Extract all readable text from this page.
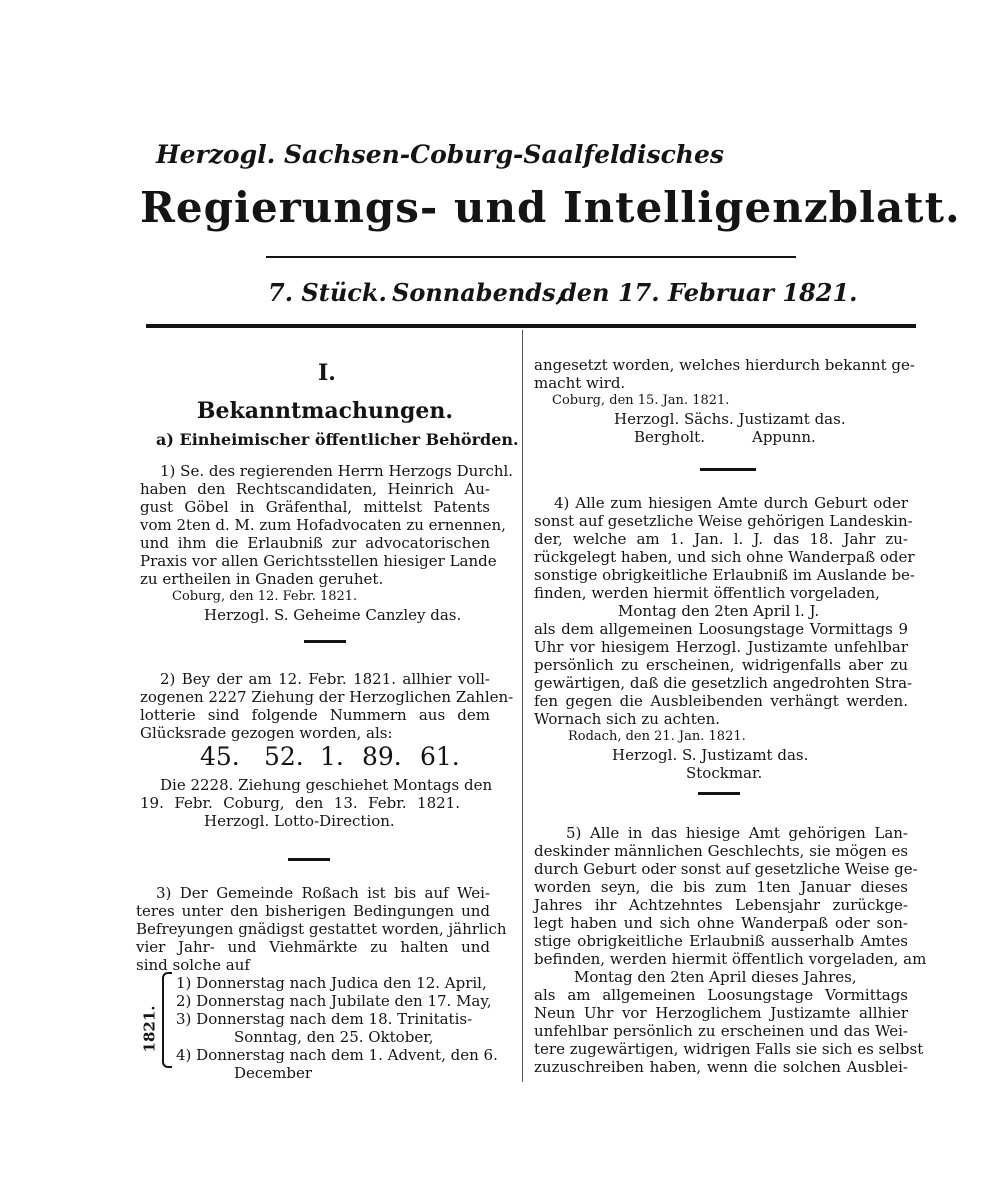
Herzogl. Sachsen-Coburg-Saalfeldisches
Regierungs- und Intelligenzblatt.
7. Stück. Sonnabends,
den 17. Februar 1821.
I.
Bekanntmachungen.
a) Einheimischer öffentlicher Behörden.
1) Se. des regierenden Herrn Herzogs Durchl.
haben den Rechtscandidaten, Heinrich Au-
gust Göbel in Gräfenthal, mittelst Patents
vom 2ten d. M. zum Hofadvocaten zu ernennen,
und ihm die Erlaubniß zur advocatorischen
Praxis vor allen Gerichtsstellen hiesiger Lande
zu ertheilen in Gnaden geruhet.
Coburg, den 12. Febr. 1821.
Herzogl. S. Geheime Canzley das.
2) Bey der am 12. Febr. 1821. allhier voll-
zogenen 2227 Ziehung der Herzoglichen Zahlen-
lotterie sind folgende Nummern aus dem
Glücksrade gezogen worden, als:
45. 52. 1. 89. 61.
Die 2228. Ziehung geschiehet Montags den
19. Febr. Coburg, den 13. Febr. 1821.
Herzogl. Lotto-Direction.
3) Der Gemeinde Roßach ist bis auf Wei-
teres unter den bisherigen Bedingungen und
Befreyungen gnädigst gestattet worden, jährlich
vier Jahr- und Viehmärkte zu halten und
sind solche auf
1821.
1) Donnerstag nach Judica den 12. April,
2) Donnerstag nach Jubilate den 17. May,
3) Donnerstag nach dem 18. Trinitatis-
Sonntag, den 25. Oktober,
4) Donnerstag nach dem 1. Advent, den 6.
December
angesetzt worden, welches hierdurch bekannt ge-
macht wird.
Coburg, den 15. Jan. 1821.
Herzogl. Sächs. Justizamt das.
Bergholt.	Appunn.
4) Alle zum hiesigen Amte durch Geburt oder
sonst auf gesetzliche Weise gehörigen Landeskin-
der, welche am 1. Jan. l. J. das 18. Jahr zu-
rückgelegt haben, und sich ohne Wanderpaß oder
sonstige obrigkeitliche Erlaubniß im Auslande be-
finden, werden hiermit öffentlich vorgeladen,
Montag den 2ten April l. J.
als dem allgemeinen Loosungstage Vormittags 9
Uhr vor hiesigem Herzogl. Justizamte unfehlbar
persönlich zu erscheinen, widrigenfalls aber zu
gewärtigen, daß die gesetzlich angedrohten Stra-
fen gegen die Ausbleibenden verhängt werden.
Wornach sich zu achten.
Rodach, den 21. Jan. 1821.
Herzogl. S. Justizamt das.
Stockmar.
5) Alle in das hiesige Amt gehörigen Lan-
deskinder männlichen Geschlechts, sie mögen es
durch Geburt oder sonst auf gesetzliche Weise ge-
worden seyn, die bis zum 1ten Januar dieses
Jahres ihr Achtzehntes Lebensjahr zurückge-
legt haben und sich ohne Wanderpaß oder son-
stige obrigkeitliche Erlaubniß ausserhalb Amtes
befinden, werden hiermit öffentlich vorgeladen, am
Montag den 2ten April dieses Jahres,
als am allgemeinen Loosungstage Vormittags
Neun Uhr vor Herzoglichem Justizamte allhier
unfehlbar persönlich zu erscheinen und das Wei-
tere zugewärtigen, widrigen Falls sie sich es selbst
zuzuschreiben haben, wenn die solchen Ausblei-
